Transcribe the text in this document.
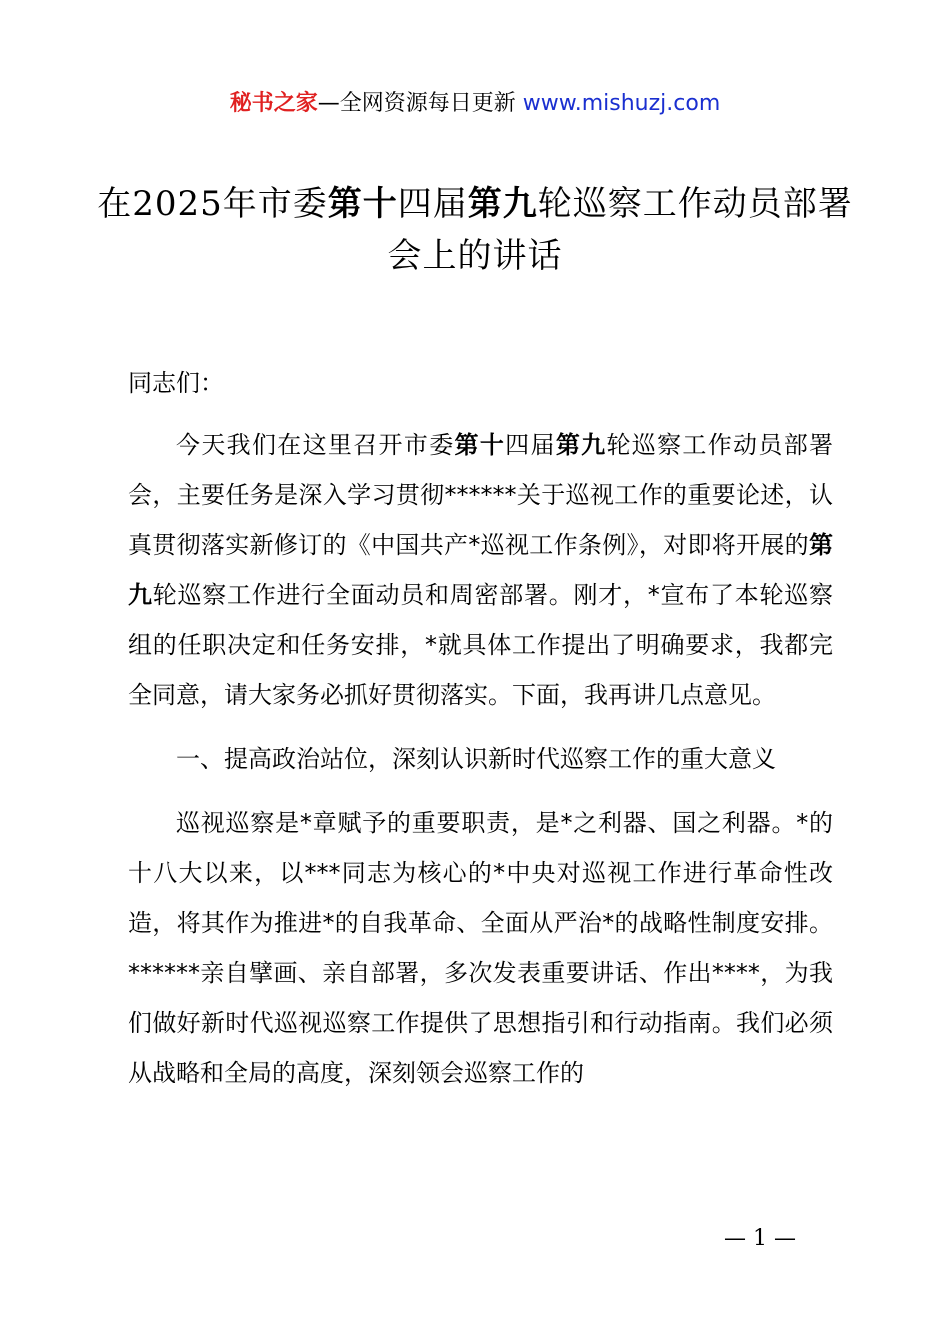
秘书之家—全网资源每日更新 www.mishuzj.com
在2025年市委第十四届第九轮巡察工作动员部署会上的讲话

同志们：

今天我们在这里召开市委第十四届第九轮巡察工作动员部署会，主要任务是深入学习贯彻******关于巡视工作的重要论述，认真贯彻落实新修订的《中国共产*巡视工作条例》，对即将开展的第九轮巡察工作进行全面动员和周密部署。刚才，*宣布了本轮巡察组的任职决定和任务安排，*就具体工作提出了明确要求，我都完全同意，请大家务必抓好贯彻落实。下面，我再讲几点意见。

一、提高政治站位，深刻认识新时代巡察工作的重大意义

巡视巡察是*章赋予的重要职责，是*之利器、国之利器。*的十八大以来，以***同志为核心的*中央对巡视工作进行革命性改造，将其作为推进*的自我革命、全面从严治*的战略性制度安排。******亲自擘画、亲自部署，多次发表重要讲话、作出****，为我们做好新时代巡视巡察工作提供了思想指引和行动指南。我们必须从战略和全局的高度，深刻领会巡察工作的

— 1 —
